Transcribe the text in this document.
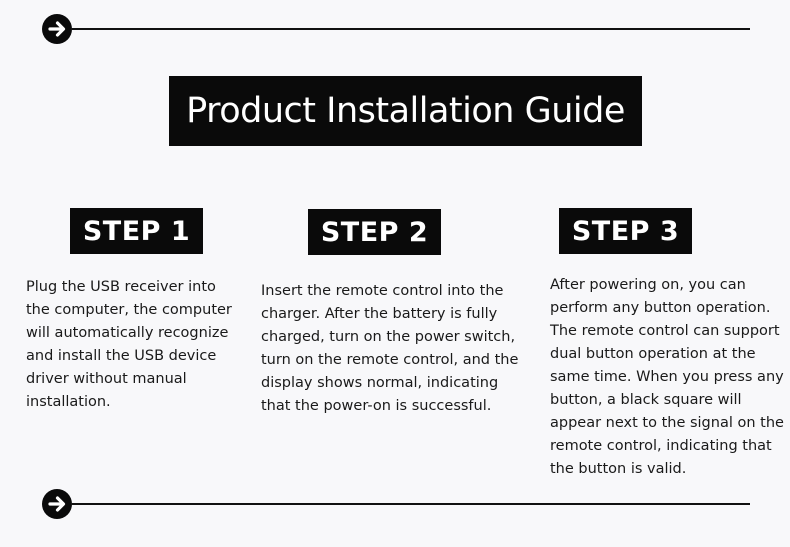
Product Installation Guide
STEP 1	STEP 2	STEP 3

Plug the USB receiver into the computer, the computer will automatically recognize and install the USB device driver without manual installation.

Insert the remote control into the charger. After the battery is fully charged, turn on the power switch, turn on the remote control, and the display shows normal, indicating that the power-on is successful.

After powering on, you can perform any button operation. The remote control can support dual button operation at the same time. When you press any button, a black square will appear next to the signal on the remote control, indicating that the button is valid.
